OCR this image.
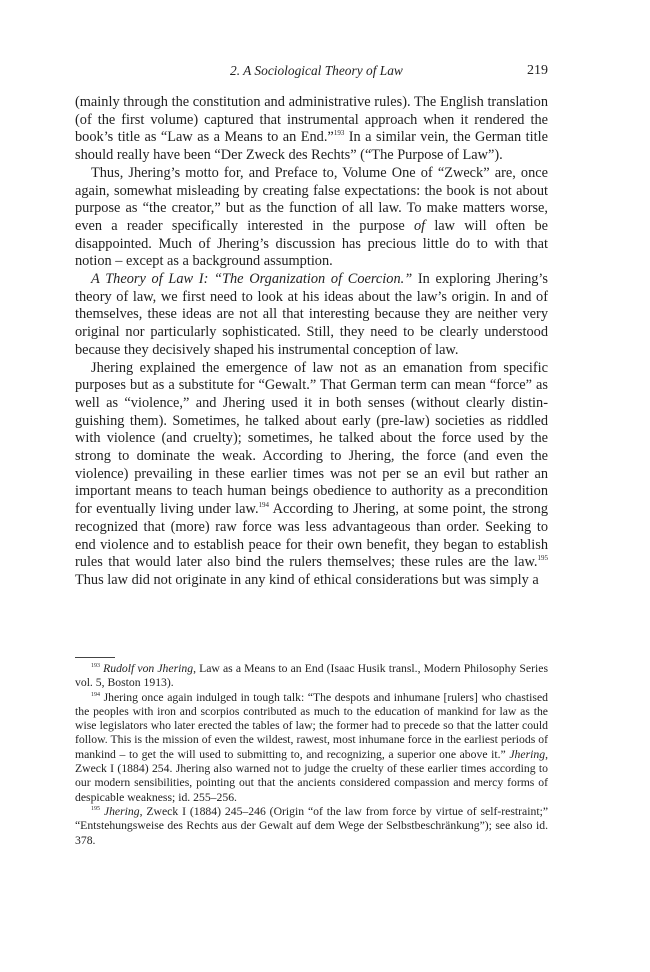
2. A Sociological Theory of Law	219

(mainly through the constitution and administrative rules). The English translation (of the first volume) captured that instrumental approach when it rendered the book’s title as “Law as a Means to an End.”$^{193}$ In a similar vein, the German title should really have been “Der Zweck des Rechts” (“The Purpose of Law”).

Thus, Jhering’s motto for, and Preface to, Volume One of “Zweck” are, once again, somewhat misleading by creating false expectations: the book is not about purpose as “the creator,” but as the function of all law. To make matters worse, even a reader specifically interested in the purpose of law will often be disappointed. Much of Jhering’s discussion has precious little do to with that notion – except as a background assumption.

A Theory of Law I: “The Organization of Coercion.” In exploring Jhering’s theory of law, we first need to look at his ideas about the law’s origin. In and of themselves, these ideas are not all that interesting because they are neither very original nor particularly sophisticated. Still, they need to be clearly understood because they decisively shaped his instrumental conception of law.

Jhering explained the emergence of law not as an emanation from specific purposes but as a substitute for “Gewalt.” That German term can mean “force” as well as “violence,” and Jhering used it in both senses (without clearly distinguishing them). Sometimes, he talked about early (pre-law) societies as riddled with violence (and cruelty); sometimes, he talked about the force used by the strong to dominate the weak. According to Jhering, the force (and even the violence) prevailing in these earlier times was not per se an evil but rather an important means to teach human beings obedience to authority as a precondition for eventually living under law.$^{194}$ According to Jhering, at some point, the strong recognized that (more) raw force was less advantageous than order. Seeking to end violence and to establish peace for their own benefit, they began to establish rules that would later also bind the rulers themselves; these rules are the law.$^{195}$ Thus law did not originate in any kind of ethical considerations but was simply a

$^{193}$ Rudolf von Jhering, Law as a Means to an End (Isaac Husik transl., Modern Philosophy Series vol. 5, Boston 1913).

$^{194}$ Jhering once again indulged in tough talk: “The despots and inhumane [rulers] who chastised the peoples with iron and scorpios contributed as much to the education of mankind for law as the wise legislators who later erected the tables of law; the former had to precede so that the latter could follow. This is the mission of even the wildest, rawest, most inhumane force in the earliest periods of mankind – to get the will used to submitting to, and recognizing, a superior one above it.” Jhering, Zweck I (1884) 254. Jhering also warned not to judge the cruelty of these earlier times according to our modern sensibilities, pointing out that the ancients considered compassion and mercy forms of despicable weakness; id. 255–256.

$^{195}$ Jhering, Zweck I (1884) 245–246 (Origin “of the law from force by virtue of self-restraint;” “Entstehungsweise des Rechts aus der Gewalt auf dem Wege der Selbstbeschränkung”); see also id. 378.
